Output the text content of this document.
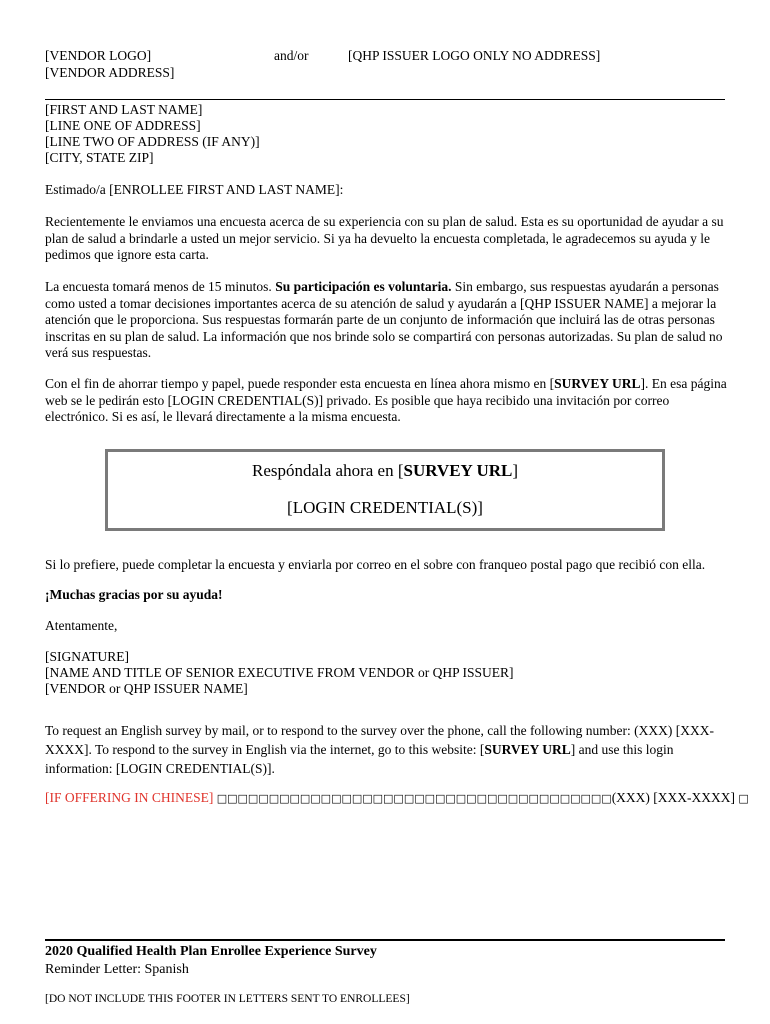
[VENDOR LOGO]
[VENDOR ADDRESS]
and/or	[QHP ISSUER LOGO ONLY NO ADDRESS]
[FIRST AND LAST NAME]
[LINE ONE OF ADDRESS]
[LINE TWO OF ADDRESS (IF ANY)]
[CITY, STATE ZIP]
Estimado/a [ENROLLEE FIRST AND LAST NAME]:
Recientemente le enviamos una encuesta acerca de su experiencia con su plan de salud. Esta es su oportunidad de ayudar a su plan de salud a brindarle a usted un mejor servicio. Si ya ha devuelto la encuesta completada, le agradecemos su ayuda y le pedimos que ignore esta carta.
La encuesta tomará menos de 15 minutos. Su participación es voluntaria. Sin embargo, sus respuestas ayudarán a personas como usted a tomar decisiones importantes acerca de su atención de salud y ayudarán a [QHP ISSUER NAME] a mejorar la atención que le proporciona. Sus respuestas formarán parte de un conjunto de información que incluirá las de otras personas inscritas en su plan de salud. La información que nos brinde solo se compartirá con personas autorizadas. Su plan de salud no verá sus respuestas.
Con el fin de ahorrar tiempo y papel, puede responder esta encuesta en línea ahora mismo en [SURVEY URL]. En esa página web se le pedirán esto [LOGIN CREDENTIAL(S)] privado. Es posible que haya recibido una invitación por correo electrónico. Si es así, le llevará directamente a la misma encuesta.
Respóndala ahora en [SURVEY URL]
[LOGIN CREDENTIAL(S)]
Si lo prefiere, puede completar la encuesta y enviarla por correo en el sobre con franqueo postal pago que recibió con ella.
¡Muchas gracias por su ayuda!
Atentamente,
[SIGNATURE]
[NAME AND TITLE OF SENIOR EXECUTIVE FROM VENDOR or QHP ISSUER]
[VENDOR or QHP ISSUER NAME]
To request an English survey by mail, or to respond to the survey over the phone, call the following number: (XXX) [XXX-XXXX]. To respond to the survey in English via the internet, go to this website: [SURVEY URL] and use this login information: [LOGIN CREDENTIAL(S)].
[IF OFFERING IN CHINESE] □□□□□□□□□□□□□□□□□□□□□□□□□□□□□□□□□□□□□□(XXX) [XXX-XXXX] □
2020 Qualified Health Plan Enrollee Experience Survey
Reminder Letter: Spanish
[DO NOT INCLUDE THIS FOOTER IN LETTERS SENT TO ENROLLEES]
